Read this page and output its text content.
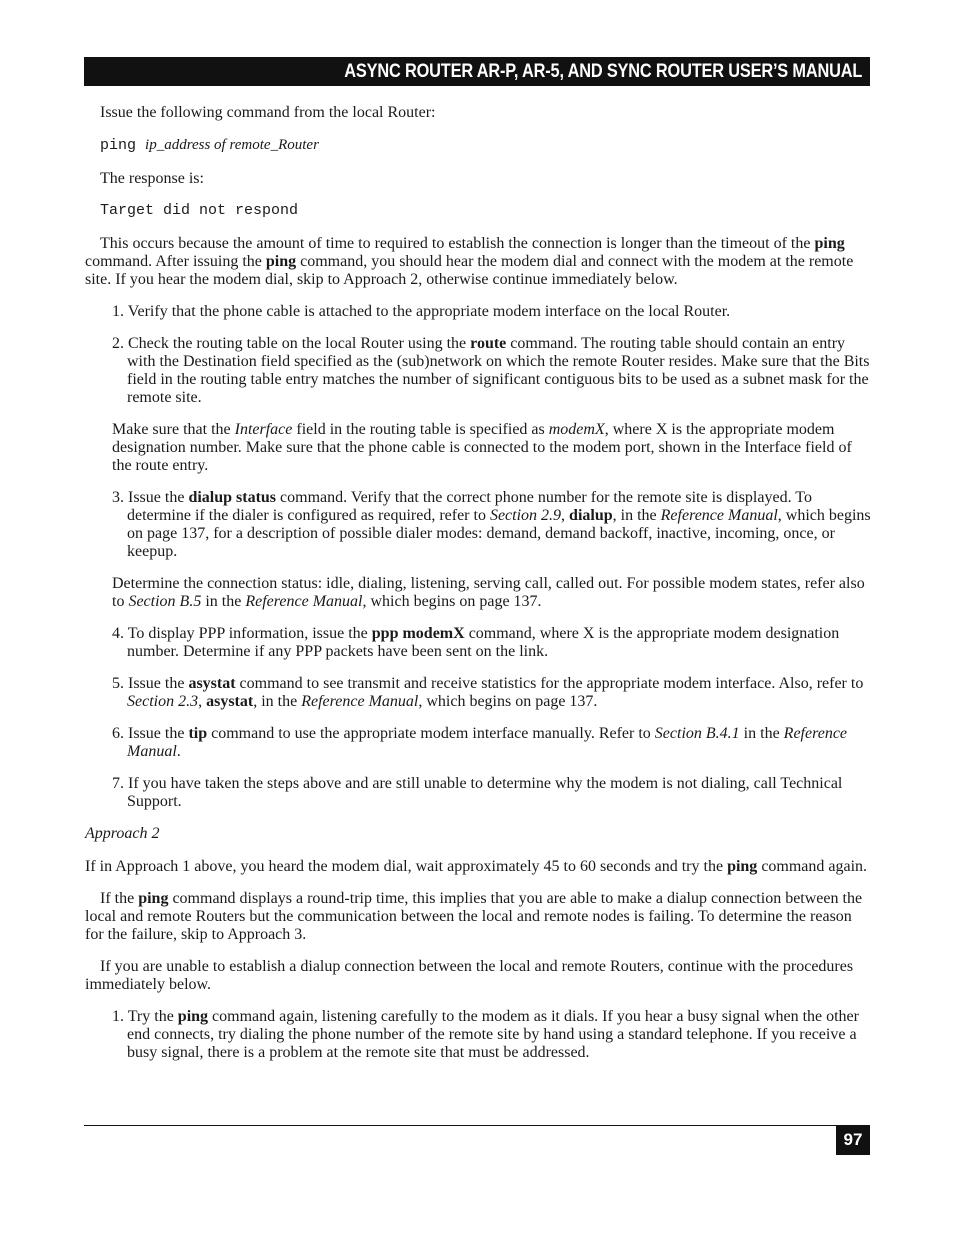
ASYNC ROUTER AR-P, AR-5, AND SYNC ROUTER USER’S MANUAL

Issue the following command from the local Router:

ping ip_address of remote_Router

The response is:

Target did not respond

This occurs because the amount of time to required to establish the connection is longer than the timeout of the ping command. After issuing the ping command, you should hear the modem dial and connect with the modem at the remote site. If you hear the modem dial, skip to Approach 2, otherwise continue immediately below.

1. Verify that the phone cable is attached to the appropriate modem interface on the local Router.

2. Check the routing table on the local Router using the route command. The routing table should contain an entry with the Destination field specified as the (sub)network on which the remote Router resides. Make sure that the Bits field in the routing table entry matches the number of significant contiguous bits to be used as a subnet mask for the remote site.

Make sure that the Interface field in the routing table is specified as modemX, where X is the appropriate modem designation number. Make sure that the phone cable is connected to the modem port, shown in the Interface field of the route entry.

3. Issue the dialup status command. Verify that the correct phone number for the remote site is displayed. To determine if the dialer is configured as required, refer to Section 2.9, dialup, in the Reference Manual, which begins on page 137, for a description of possible dialer modes: demand, demand backoff, inactive, incoming, once, or keepup.

Determine the connection status: idle, dialing, listening, serving call, called out. For possible modem states, refer also to Section B.5 in the Reference Manual, which begins on page 137.

4. To display PPP information, issue the ppp modemX command, where X is the appropriate modem designation number. Determine if any PPP packets have been sent on the link.

5. Issue the asystat command to see transmit and receive statistics for the appropriate modem interface. Also, refer to Section 2.3, asystat, in the Reference Manual, which begins on page 137.

6. Issue the tip command to use the appropriate modem interface manually. Refer to Section B.4.1 in the Reference Manual.

7. If you have taken the steps above and are still unable to determine why the modem is not dialing, call Technical Support.

Approach 2

If in Approach 1 above, you heard the modem dial, wait approximately 45 to 60 seconds and try the ping command again.

If the ping command displays a round-trip time, this implies that you are able to make a dialup connection between the local and remote Routers but the communication between the local and remote nodes is failing. To determine the reason for the failure, skip to Approach 3.

If you are unable to establish a dialup connection between the local and remote Routers, continue with the procedures immediately below.

1. Try the ping command again, listening carefully to the modem as it dials. If you hear a busy signal when the other end connects, try dialing the phone number of the remote site by hand using a standard telephone. If you receive a busy signal, there is a problem at the remote site that must be addressed.

97
